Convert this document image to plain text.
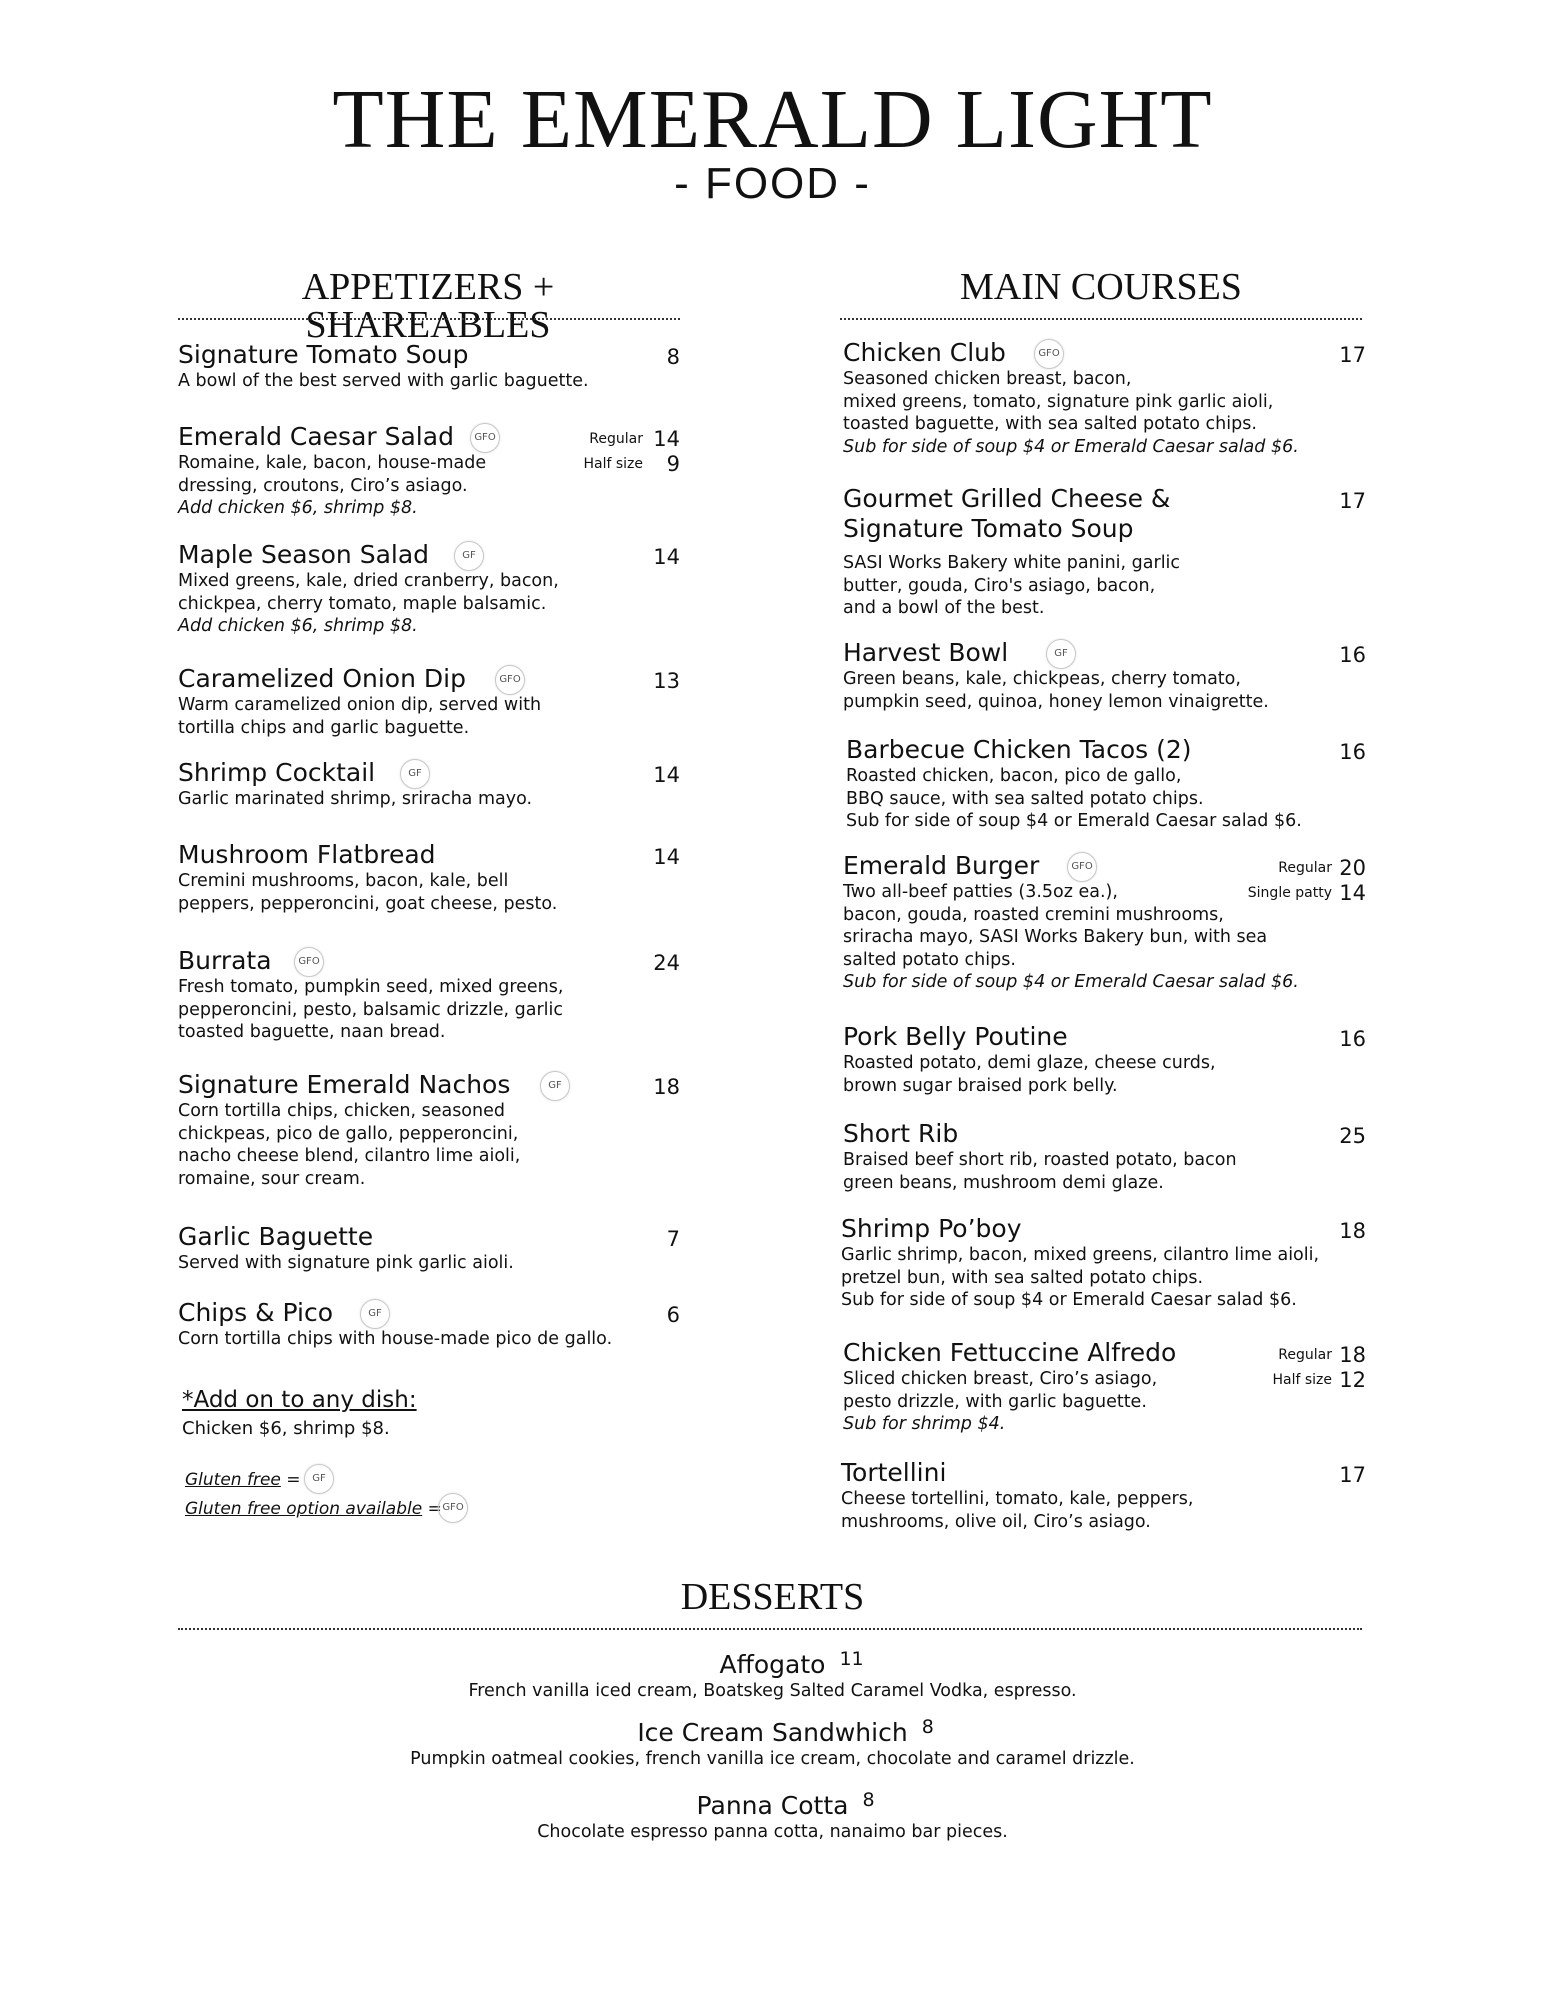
THE EMERALD LIGHT
- FOOD -
APPETIZERS + SHAREABLES
MAIN COURSES
Signature Tomato Soup
A bowl of the best served with garlic baguette.
8
Emerald Caesar Salad
Romaine, kale, bacon, house-made
dressing, croutons, Ciro’s asiago.
Add chicken $6, shrimp $8.
14
Regular
9
Half size
GFO
Maple Season Salad
Mixed greens, kale, dried cranberry, bacon,
chickpea, cherry tomato, maple balsamic.
Add chicken $6, shrimp $8.
14
GF
Caramelized Onion Dip
Warm caramelized onion dip, served with
tortilla chips and garlic baguette.
13
GFO
Shrimp Cocktail
Garlic marinated shrimp, sriracha mayo.
14
GF
Mushroom Flatbread
Cremini mushrooms, bacon, kale, bell
peppers, pepperoncini, goat cheese, pesto.
14
Burrata
Fresh tomato, pumpkin seed, mixed greens,
pepperoncini, pesto, balsamic drizzle, garlic
toasted baguette, naan bread.
24
GFO
Signature Emerald Nachos
Corn tortilla chips, chicken, seasoned
chickpeas, pico de gallo, pepperoncini,
nacho cheese blend, cilantro lime aioli,
romaine, sour cream.
18
GF
Garlic Baguette
Served with signature pink garlic aioli.
7
Chips & Pico
Corn tortilla chips with house-made pico de gallo.
6
GF
Chicken Club
Seasoned chicken breast, bacon,
mixed greens, tomato, signature pink garlic aioli,
toasted baguette, with sea salted potato chips.
Sub for side of soup $4 or Emerald Caesar salad $6.
17
GFO
Gourmet Grilled Cheese &
Signature Tomato Soup
SASI Works Bakery white panini, garlic
butter, gouda, Ciro's asiago, bacon,
and a bowl of the best.
17
Harvest Bowl
Green beans, kale, chickpeas, cherry tomato,
pumpkin seed, quinoa, honey lemon vinaigrette.
16
GF
Barbecue Chicken Tacos (2)
Roasted chicken, bacon, pico de gallo,
BBQ sauce, with sea salted potato chips.
Sub for side of soup $4 or Emerald Caesar salad $6.
16
Emerald Burger
Two all-beef patties (3.5oz ea.),
bacon, gouda, roasted cremini mushrooms,
sriracha mayo, SASI Works Bakery bun, with sea
salted potato chips.
Sub for side of soup $4 or Emerald Caesar salad $6.
20
Regular
14
Single patty
GFO
Pork Belly Poutine
Roasted potato, demi glaze, cheese curds,
brown sugar braised pork belly.
16
Short Rib
Braised beef short rib, roasted potato, bacon
green beans, mushroom demi glaze.
25
Shrimp Po’boy
Garlic shrimp, bacon, mixed greens, cilantro lime aioli,
pretzel bun, with sea salted potato chips.
Sub for side of soup $4 or Emerald Caesar salad $6.
18
Chicken Fettuccine Alfredo
Sliced chicken breast, Ciro’s asiago,
pesto drizzle, with garlic baguette.
Sub for shrimp $4.
18
Regular
12
Half size
Tortellini
Cheese tortellini, tomato, kale, peppers,
mushrooms, olive oil, Ciro’s asiago.
17
*Add on to any dish:
Chicken $6, shrimp $8.
Gluten free =	GF
Gluten free option available = GFO
DESSERTS
Affogato 11
French vanilla iced cream, Boatskeg Salted Caramel Vodka, espresso.
Ice Cream Sandwhich 8
Pumpkin oatmeal cookies, french vanilla ice cream, chocolate and caramel drizzle.
Panna Cotta 8
Chocolate espresso panna cotta, nanaimo bar pieces.
